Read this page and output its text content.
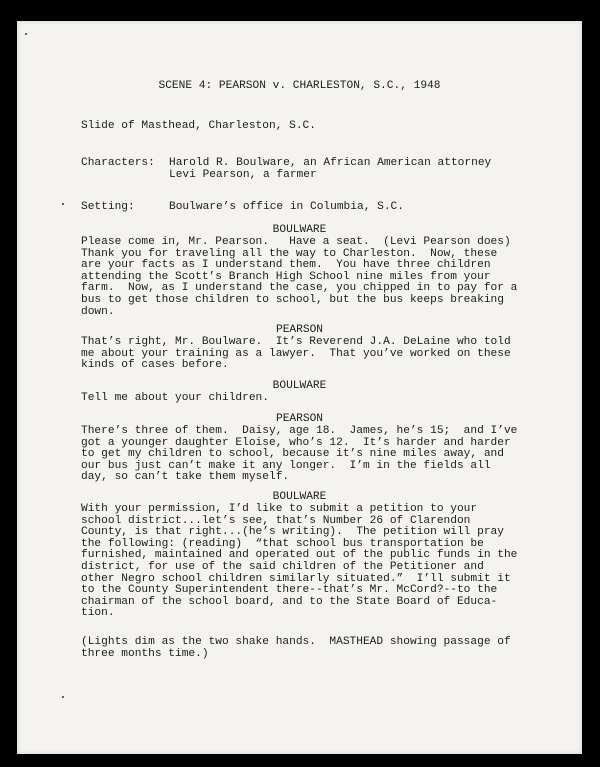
SCENE 4: PEARSON v. CHARLESTON, S.C., 1948

Slide of Masthead, Charleston, S.C.

Characters: Harold R. Boulware, an African American attorney

Levi Pearson, a farmer

Setting:	Boulware’s office in Columbia, S.C.

BOULWARE

Please come in, Mr. Pearson.   Have a seat.  (Levi Pearson does)
Thank you for traveling all the way to Charleston.  Now, these
are your facts as I understand them.  You have three children
attending the Scott’s Branch High School nine miles from your
farm.  Now, as I understand the case, you chipped in to pay for a
bus to get those children to school, but the bus keeps breaking
down.

PEARSON

That’s right, Mr. Boulware.  It’s Reverend J.A. DeLaine who told
me about your training as a lawyer.  That you’ve worked on these
kinds of cases before.

BOULWARE

Tell me about your children.

PEARSON

There’s three of them.  Daisy, age 18.  James, he’s 15;  and I’ve
got a younger daughter Eloise, who’s 12.  It’s harder and harder
to get my children to school, because it’s nine miles away, and
our bus just can’t make it any longer.  I’m in the fields all
day, so can’t take them myself.

BOULWARE

With your permission, I’d like to submit a petition to your
school district...let’s see, that’s Number 26 of Clarendon
County, is that right...(he’s writing).  The petition will pray
the following: (reading)  “that school bus transportation be
furnished, maintained and operated out of the public funds in the
district, for use of the said children of the Petitioner and
other Negro school children similarly situated.”  I’ll submit it
to the County Superintendent there--that’s Mr. McCord?--to the
chairman of the school board, and to the State Board of Educa-
tion.

(Lights dim as the two shake hands.  MASTHEAD showing passage of
three months time.)
